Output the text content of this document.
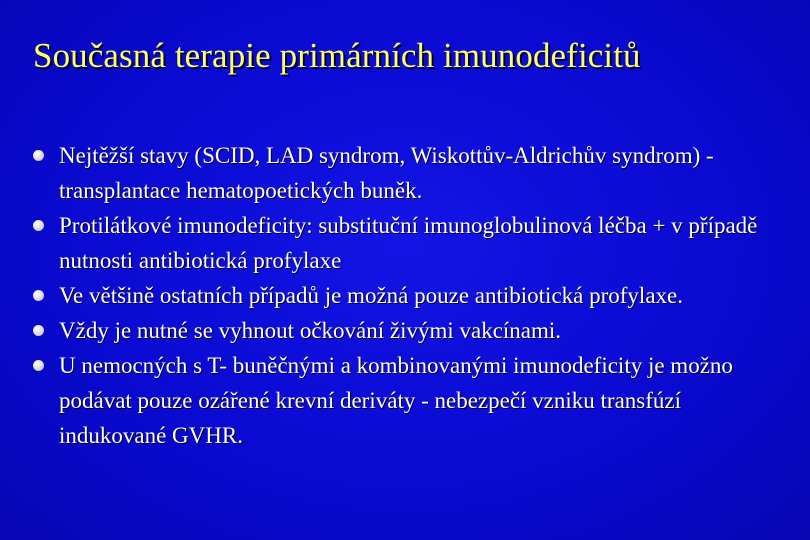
Současná terapie primárních imunodeficitů
Nejtěžší stavy (SCID, LAD syndrom, Wiskottův-Aldrichův syndrom) - transplantace hematopoetických buněk.
Protilátkové imunodeficity: substituční imunoglobulinová léčba + v případě nutnosti antibiotická profylaxe
Ve většině ostatních případů je možná pouze antibiotická profylaxe.
Vždy je nutné se vyhnout očkování živými vakcínami.
U nemocných s T- buněčnými a kombinovanými imunodeficity je možno podávat pouze ozářené krevní deriváty - nebezpečí vzniku transfúzí indukované GVHR.
